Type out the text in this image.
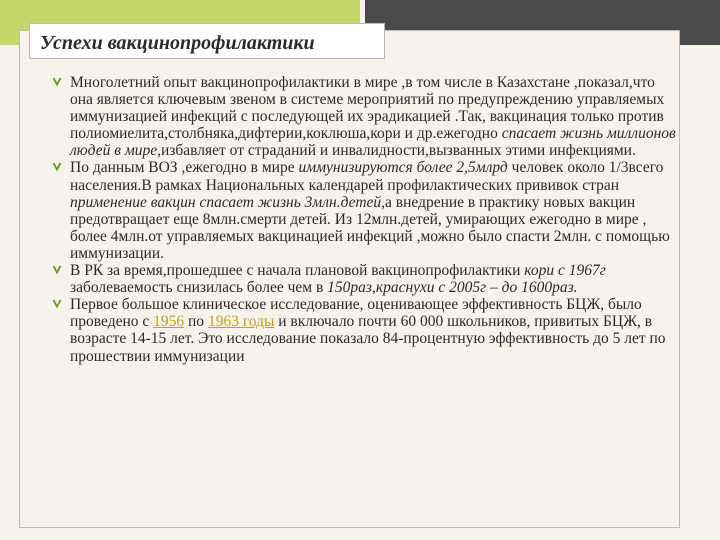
Успехи вакцинопрофилактики
Многолетний опыт вакцинопрофилактики в мире ,в том числе в Казахстане ,показал,что она является ключевым звеном в системе мероприятий по предупреждению управляемых иммунизацией инфекций с последующей их эрадикацией .Так, вакцинация только против полиомиелита,столбняка,дифтерии,коклюша,кори и др.ежегодно спасает жизнь миллионов людей в мире,избавляет от страданий и инвалидности,вызванных этими инфекциями.
По данным ВОЗ ,ежегодно в мире иммунизируются более 2,5млрд человек около 1/3всего населения.В рамках Национальных календарей профилактических прививок стран применение вакцин спасает жизнь 3млн.детей,а внедрение в практику новых вакцин предотвращает еще 8млн.смерти детей. Из 12млн.детей, умирающих ежегодно в мире , более 4млн.от управляемых вакцинацией инфекций ,можно было спасти 2млн. с помощью иммунизации.
В РК за время,прошедшее с начала плановой вакцинопрофилактики кори с 1967г заболеваемость снизилась более чем в 150раз,краснухи с 2005г – до 1600раз.
Первое большое клиническое исследование, оценивающее эффективность БЦЖ, было проведено с 1956 по 1963 годы и включало почти 60 000 школьников, привитых БЦЖ, в возрасте 14-15 лет. Это исследование показало 84-процентную эффективность до 5 лет по прошествии иммунизации
